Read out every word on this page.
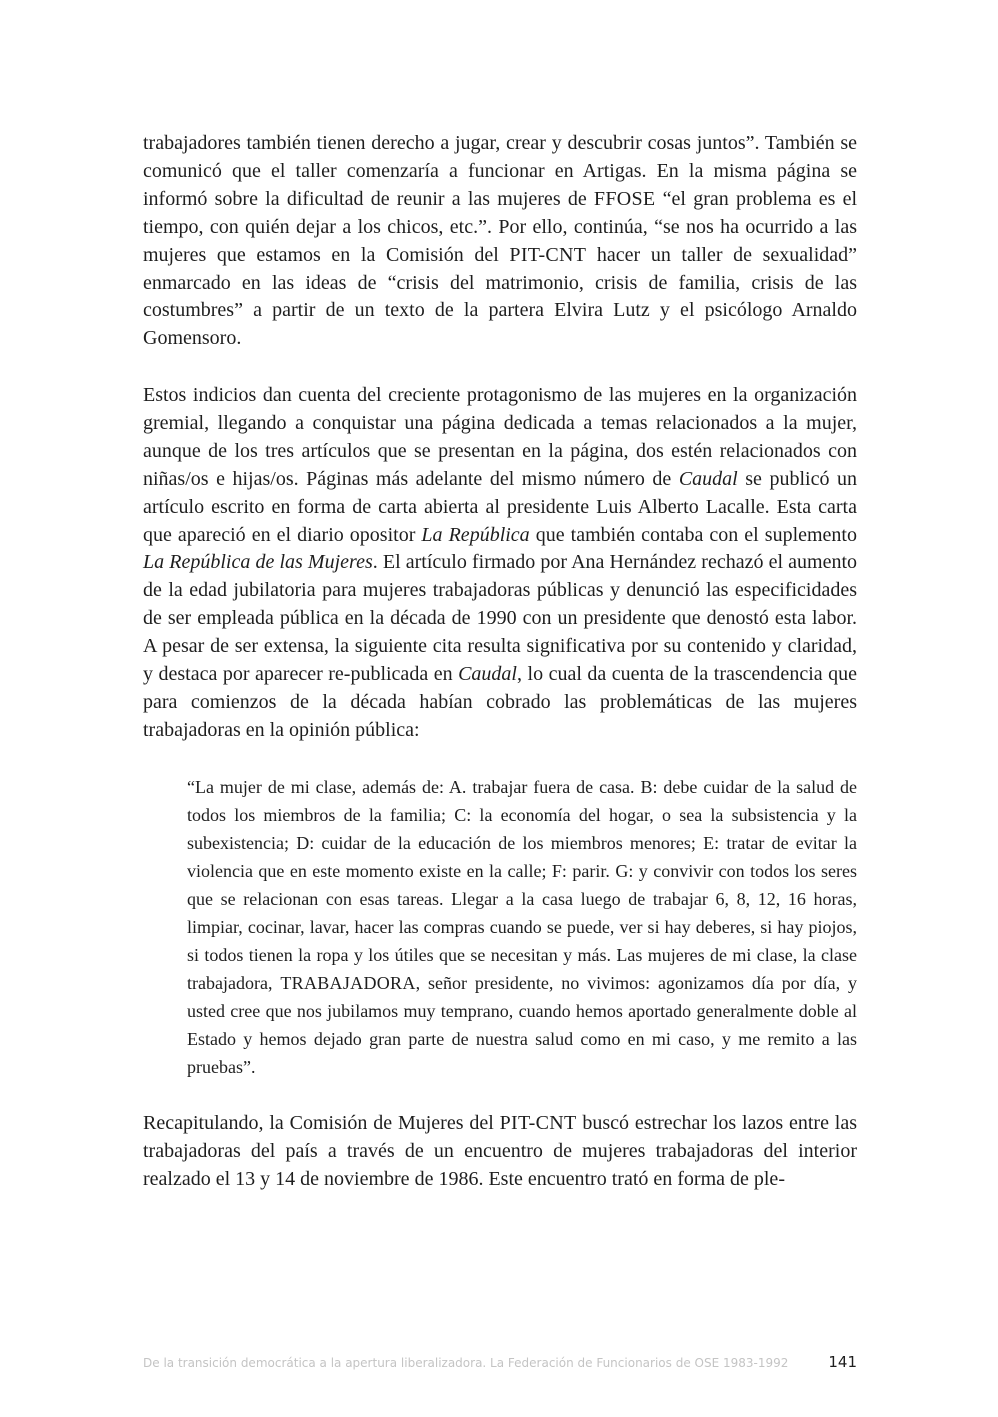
trabajadores también tienen derecho a jugar, crear y descubrir cosas juntos”. También se comunicó que el taller comenzaría a funcionar en Artigas. En la misma página se informó sobre la dificultad de reunir a las mujeres de FFOSE “el gran problema es el tiempo, con quién dejar a los chicos, etc.”. Por ello, continúa, “se nos ha ocurrido a las mujeres que estamos en la Comisión del PIT-CNT hacer un taller de sexualidad” enmarcado en las ideas de “crisis del matrimonio, crisis de familia, crisis de las costumbres” a partir de un texto de la partera Elvira Lutz y el psicólogo Arnaldo Gomensoro.

Estos indicios dan cuenta del creciente protagonismo de las mujeres en la organización gremial, llegando a conquistar una página dedicada a temas relacionados a la mujer, aunque de los tres artículos que se presentan en la página, dos estén relacionados con niñas/os e hijas/os. Páginas más adelante del mismo número de Caudal se publicó un artículo escrito en forma de carta abierta al presidente Luis Alberto Lacalle. Esta carta que apareció en el diario opositor La República que también contaba con el suplemento La República de las Mujeres. El artículo firmado por Ana Hernández rechazó el aumento de la edad jubilatoria para mujeres trabajadoras públicas y denunció las especificidades de ser empleada pública en la década de 1990 con un presidente que denostó esta labor. A pesar de ser extensa, la siguiente cita resulta significativa por su contenido y claridad, y destaca por aparecer re-publicada en Caudal, lo cual da cuenta de la trascendencia que para comienzos de la década habían cobrado las problemáticas de las mujeres trabajadoras en la opinión pública:

“La mujer de mi clase, además de: A. trabajar fuera de casa. B: debe cuidar de la salud de todos los miembros de la familia; C: la economía del hogar, o sea la subsistencia y la subexistencia; D: cuidar de la educación de los miembros menores; E: tratar de evitar la violencia que en este momento existe en la calle; F: parir. G: y convivir con todos los seres que se relacionan con esas tareas. Llegar a la casa luego de trabajar 6, 8, 12, 16 horas, limpiar, cocinar, lavar, hacer las compras cuando se puede, ver si hay deberes, si hay piojos, si todos tienen la ropa y los útiles que se necesitan y más. Las mujeres de mi clase, la clase trabajadora, TRABAJADORA, señor presidente, no vivimos: agonizamos día por día, y usted cree que nos jubilamos muy temprano, cuando hemos aportado generalmente doble al Estado y hemos dejado gran parte de nuestra salud como en mi caso, y me remito a las pruebas”.

Recapitulando, la Comisión de Mujeres del PIT-CNT buscó estrechar los lazos entre las trabajadoras del país a través de un encuentro de mujeres trabajadoras del interior realzado el 13 y 14 de noviembre de 1986. Este encuentro trató en forma de ple-

De la transición democrática a la apertura liberalizadora. La Federación de Funcionarios de OSE 1983-1992	141
